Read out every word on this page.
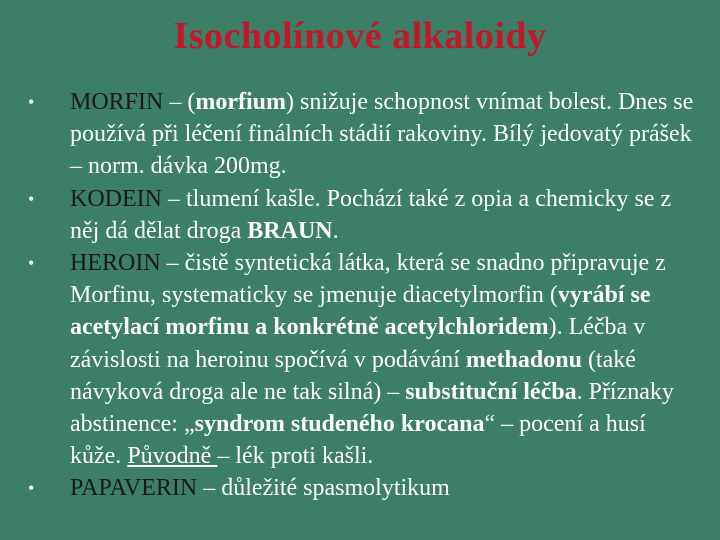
Isocholínové alkaloidy
• MORFIN – (morfium) snižuje schopnost vnímat bolest. Dnes se používá při léčení finálních stádií rakoviny. Bílý jedovatý prášek – norm. dávka 200mg.
• KODEIN – tlumení kašle. Pochází také z opia a chemicky se z něj dá dělat droga BRAUN.
• HEROIN – čistě syntetická látka, která se snadno připravuje z Morfinu, systematicky se jmenuje diacetylmorfin (vyrábí se acetylací morfinu a konkrétně acetylchloridem). Léčba v závislosti na heroinu spočívá v podávání methadonu (také návyková droga ale ne tak silná) – substituční léčba. Příznaky abstinence: „syndrom studeného krocana“ – pocení a husí kůže. Původně – lék proti kašli.
• PAPAVERIN – důležité spasmolytikum
